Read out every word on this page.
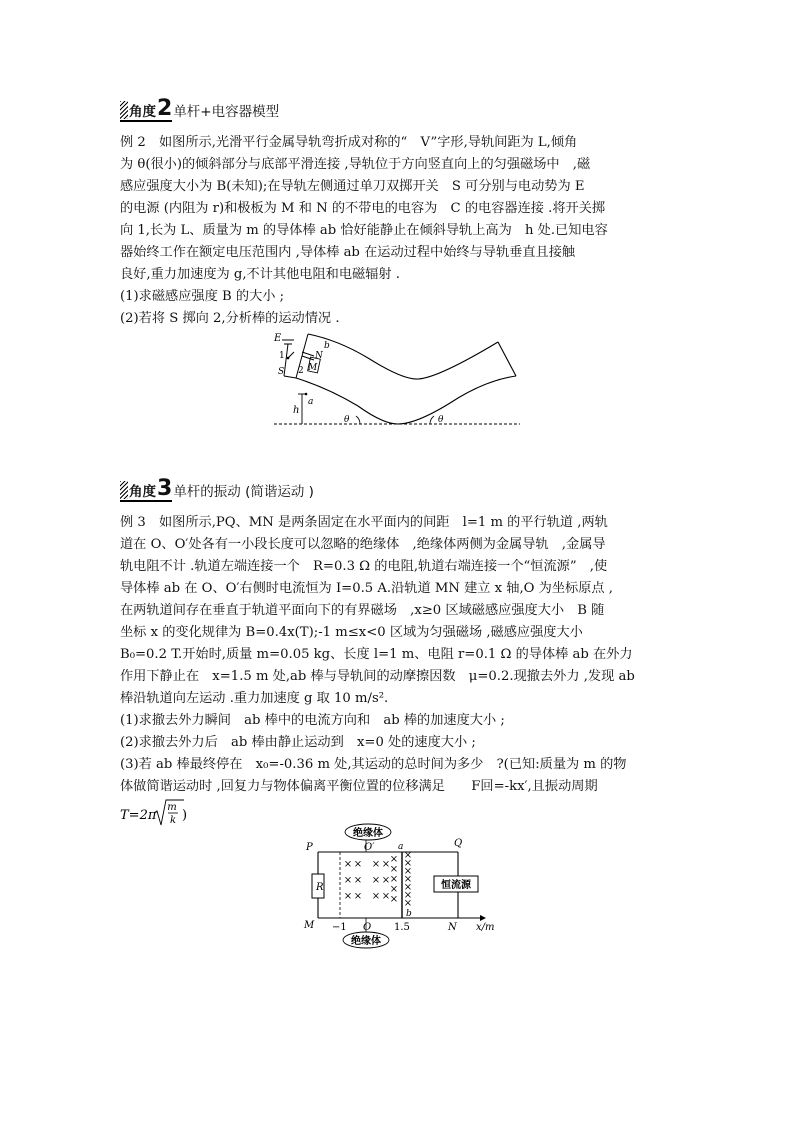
角度 2 单杆+电容器模型

例 2　如图所示,光滑平行金属导轨弯折成对称的“　V”字形,导轨间距为 L,倾角

为 θ(很小)的倾斜部分与底部平滑连接 ,导轨位于方向竖直向上的匀强磁场中　,磁

感应强度大小为 B(未知);在导轨左侧通过单刀双掷开关　S 可分别与电动势为 E

的电源 (内阻为 r)和极板为 M 和 N 的不带电的电容为　C 的电容器连接 .将开关掷

向 1,长为 L、质量为 m 的导体棒 ab 恰好能静止在倾斜导轨上高为　h 处.已知电容

器始终工作在额定电压范围内 ,导体棒 ab 在运动过程中始终与导轨垂直且接触

良好,重力加速度为 g,不计其他电阻和电磁辐射 .

(1)求磁感应强度 B 的大小 ;

(2)若将 S 掷向 2,分析棒的运动情况 .

E
1
S 2 M
N
b
a
h
θ	θ
角度 3 单杆的振动 (简谐运动 )

例 3　如图所示,PQ、MN 是两条固定在水平面内的间距　l=1 m 的平行轨道 ,两轨

道在 O、O′处各有一小段长度可以忽略的绝缘体　,绝缘体两侧为金属导轨　,金属导

轨电阻不计 .轨道左端连接一个　R=0.3 Ω 的电阻,轨道右端连接一个“恒流源”　,使

导体棒 ab 在 O、O′右侧时电流恒为 I=0.5 A.沿轨道 MN 建立 x 轴,O 为坐标原点 ,

在两轨道间存在垂直于轨道平面向下的有界磁场　,x≥0 区域磁感应强度大小　B 随

坐标 x 的变化规律为 B=0.4x(T);-1 m≤x<0 区域为匀强磁场 ,磁感应强度大小

B₀=0.2 T.开始时,质量 m=0.05 kg、长度 l=1 m、电阻 r=0.1 Ω 的导体棒 ab 在外力

作用下静止在　x=1.5 m 处,ab 棒与导轨间的动摩擦因数　μ=0.2.现撤去外力 ,发现 ab

棒沿轨道向左运动 .重力加速度 g 取 10 m/s².

(1)求撤去外力瞬间　ab 棒中的电流方向和　ab 棒的加速度大小 ;

(2)求撤去外力后　ab 棒由静止运动到　x=0 处的速度大小 ;

(3)若 ab 棒最终停在　x₀=-0.36 m 处,其运动的总时间为多少　?(已知:质量为 m 的物

体做简谐运动时 ,回复力与物体偏离平衡位置的位移满足　　F回=-kx′,且振动周期

T=2π
m
k )
绝缘体
绝缘体
恒流源
×
×
×
×
×
×
×
×
×
×
×
×
×
×
×
×
×
×
×
×
×
×
×
×
P	Q
M	N
O′
O
a
b
R
−1	1.5	x/m
